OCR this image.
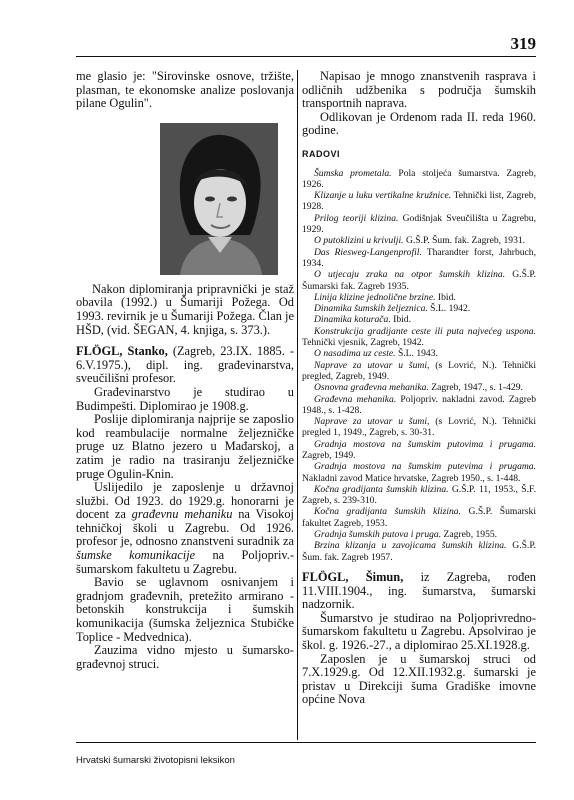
319

me glasio je: "Sirovinske osnove, tržište, plasman, te ekonomske analize poslovanja pilane Ogulin".

Nakon diplomiranja pripravnički je staž obavila (1992.) u Šumariji Požega. Od 1993. revirnik je u Šumariji Požega. Član je HŠD, (vid. ŠEGAN, 4. knjiga, s. 373.).

FLÖGL, Stanko, (Zagreb, 23.IX. 1885. - 6.V.1975.), dipl. ing. građevinarstva, sveučilišni profesor.

Građevinarstvo je studirao u Budimpešti. Diplomirao je 1908.g.

Poslije diplomiranja najprije se zaposlio kod reambulacije normalne željezničke pruge uz Blatno jezero u Mađarskoj, a zatim je radio na trasiranju željezničke pruge Ogulin-Knin.

Uslijedilo je zaposlenje u državnoj službi. Od 1923. do 1929.g. honorarni je docent za građevnu mehaniku na Visokoj tehničkoj školi u Zagrebu. Od 1926. profesor je, odnosno znanstveni suradnik za šumske komunikacije na Poljopriv.-šumarskom fakultetu u Zagrebu.

Bavio se uglavnom osnivanjem i gradnjom građevnih, pretežito armirano - betonskih konstrukcija i šumskih komunikacija (šumska željeznica Stubičke Toplice - Medvednica).

Zauzima vidno mjesto u šumarsko-građevnoj struci.

Napisao je mnogo znanstvenih rasprava i odličnih udžbenika s područja šumskih transportnih naprava.

Odlikovan je Ordenom rada II. reda 1960. godine.

RADOVI

Šumska prometala. Pola stoljeća šumarstva. Zagreb, 1926.

Klizanje u luku vertikalne kružnice. Tehnički list, Zagreb, 1928.

Prilog teoriji klizina. Godišnjak Sveučilišta u Zagrebu, 1929.

O putoklizini u krivulji. G.Š.P. Šum. fak. Zagreb, 1931.

Das Riesweg-Langenprofil. Tharandter forst, Jahrbuch, 1934.

O utjecaju zraka na otpor šumskih klizina. G.Š.P. Šumarski fak. Zagreb 1935.

Linija klizine jednolične brzine. Ibid.

Dinamika šumskih željeznica. Š.L. 1942.

Dinamika koturača. Ibid.

Konstrukcija gradijante ceste ili puta najvećeg uspona. Tehnički vjesnik, Zagreb, 1942.

O nasadima uz ceste. Š.L. 1943.

Naprave za utovar u šumi, (s Lovrić, N.). Tehnički pregled, Zagreb, 1949.

Osnovna građevna mehanika. Zagreb, 1947., s. 1-429.

Građevna mehanika. Poljopriv. nakladni zavod. Zagreb 1948., s. 1-428.

Naprave za utovar u šumi, (s Lovrić, N.). Tehnički pregled 1, 1949., Zagreb, s. 30-31.

Gradnja mostova na šumskim putovima i prugama. Zagreb, 1949.

Gradnja mostova na šumskim putevima i prugama. Nakladni zavod Matice hrvatske, Zagreb 1950., s. 1-448.

Kočna gradijanta šumskih klizina. G.Š.P. 11, 1953., Š.F. Zagreb, s. 239-310.

Kočna gradijanta šumskih klizina. G.Š.P. Šumarski fakultet Zagreb, 1953.

Gradnja šumskih putova i pruga. Zagreb, 1955.

Brzina klizanja u zavojicama šumskih klizina. G.Š.P. Šum. fak. Zagreb 1957.

FLÖGL, Šimun, iz Zagreba, rođen 11.VIII.1904., ing. šumarstva, šumarski nadzornik.

Šumarstvo je studirao na Poljoprivredno-šumarskom fakultetu u Zagrebu. Apsolvirao je škol. g. 1926.-27., a diplomirao 25.XI.1928.g.

Zaposlen je u šumarskoj struci od 7.X.1929.g. Od 12.XII.1932.g. šumarski je pristav u Direkciji šuma Gradiške imovne općine Nova

Hrvatski šumarski životopisni leksikon
